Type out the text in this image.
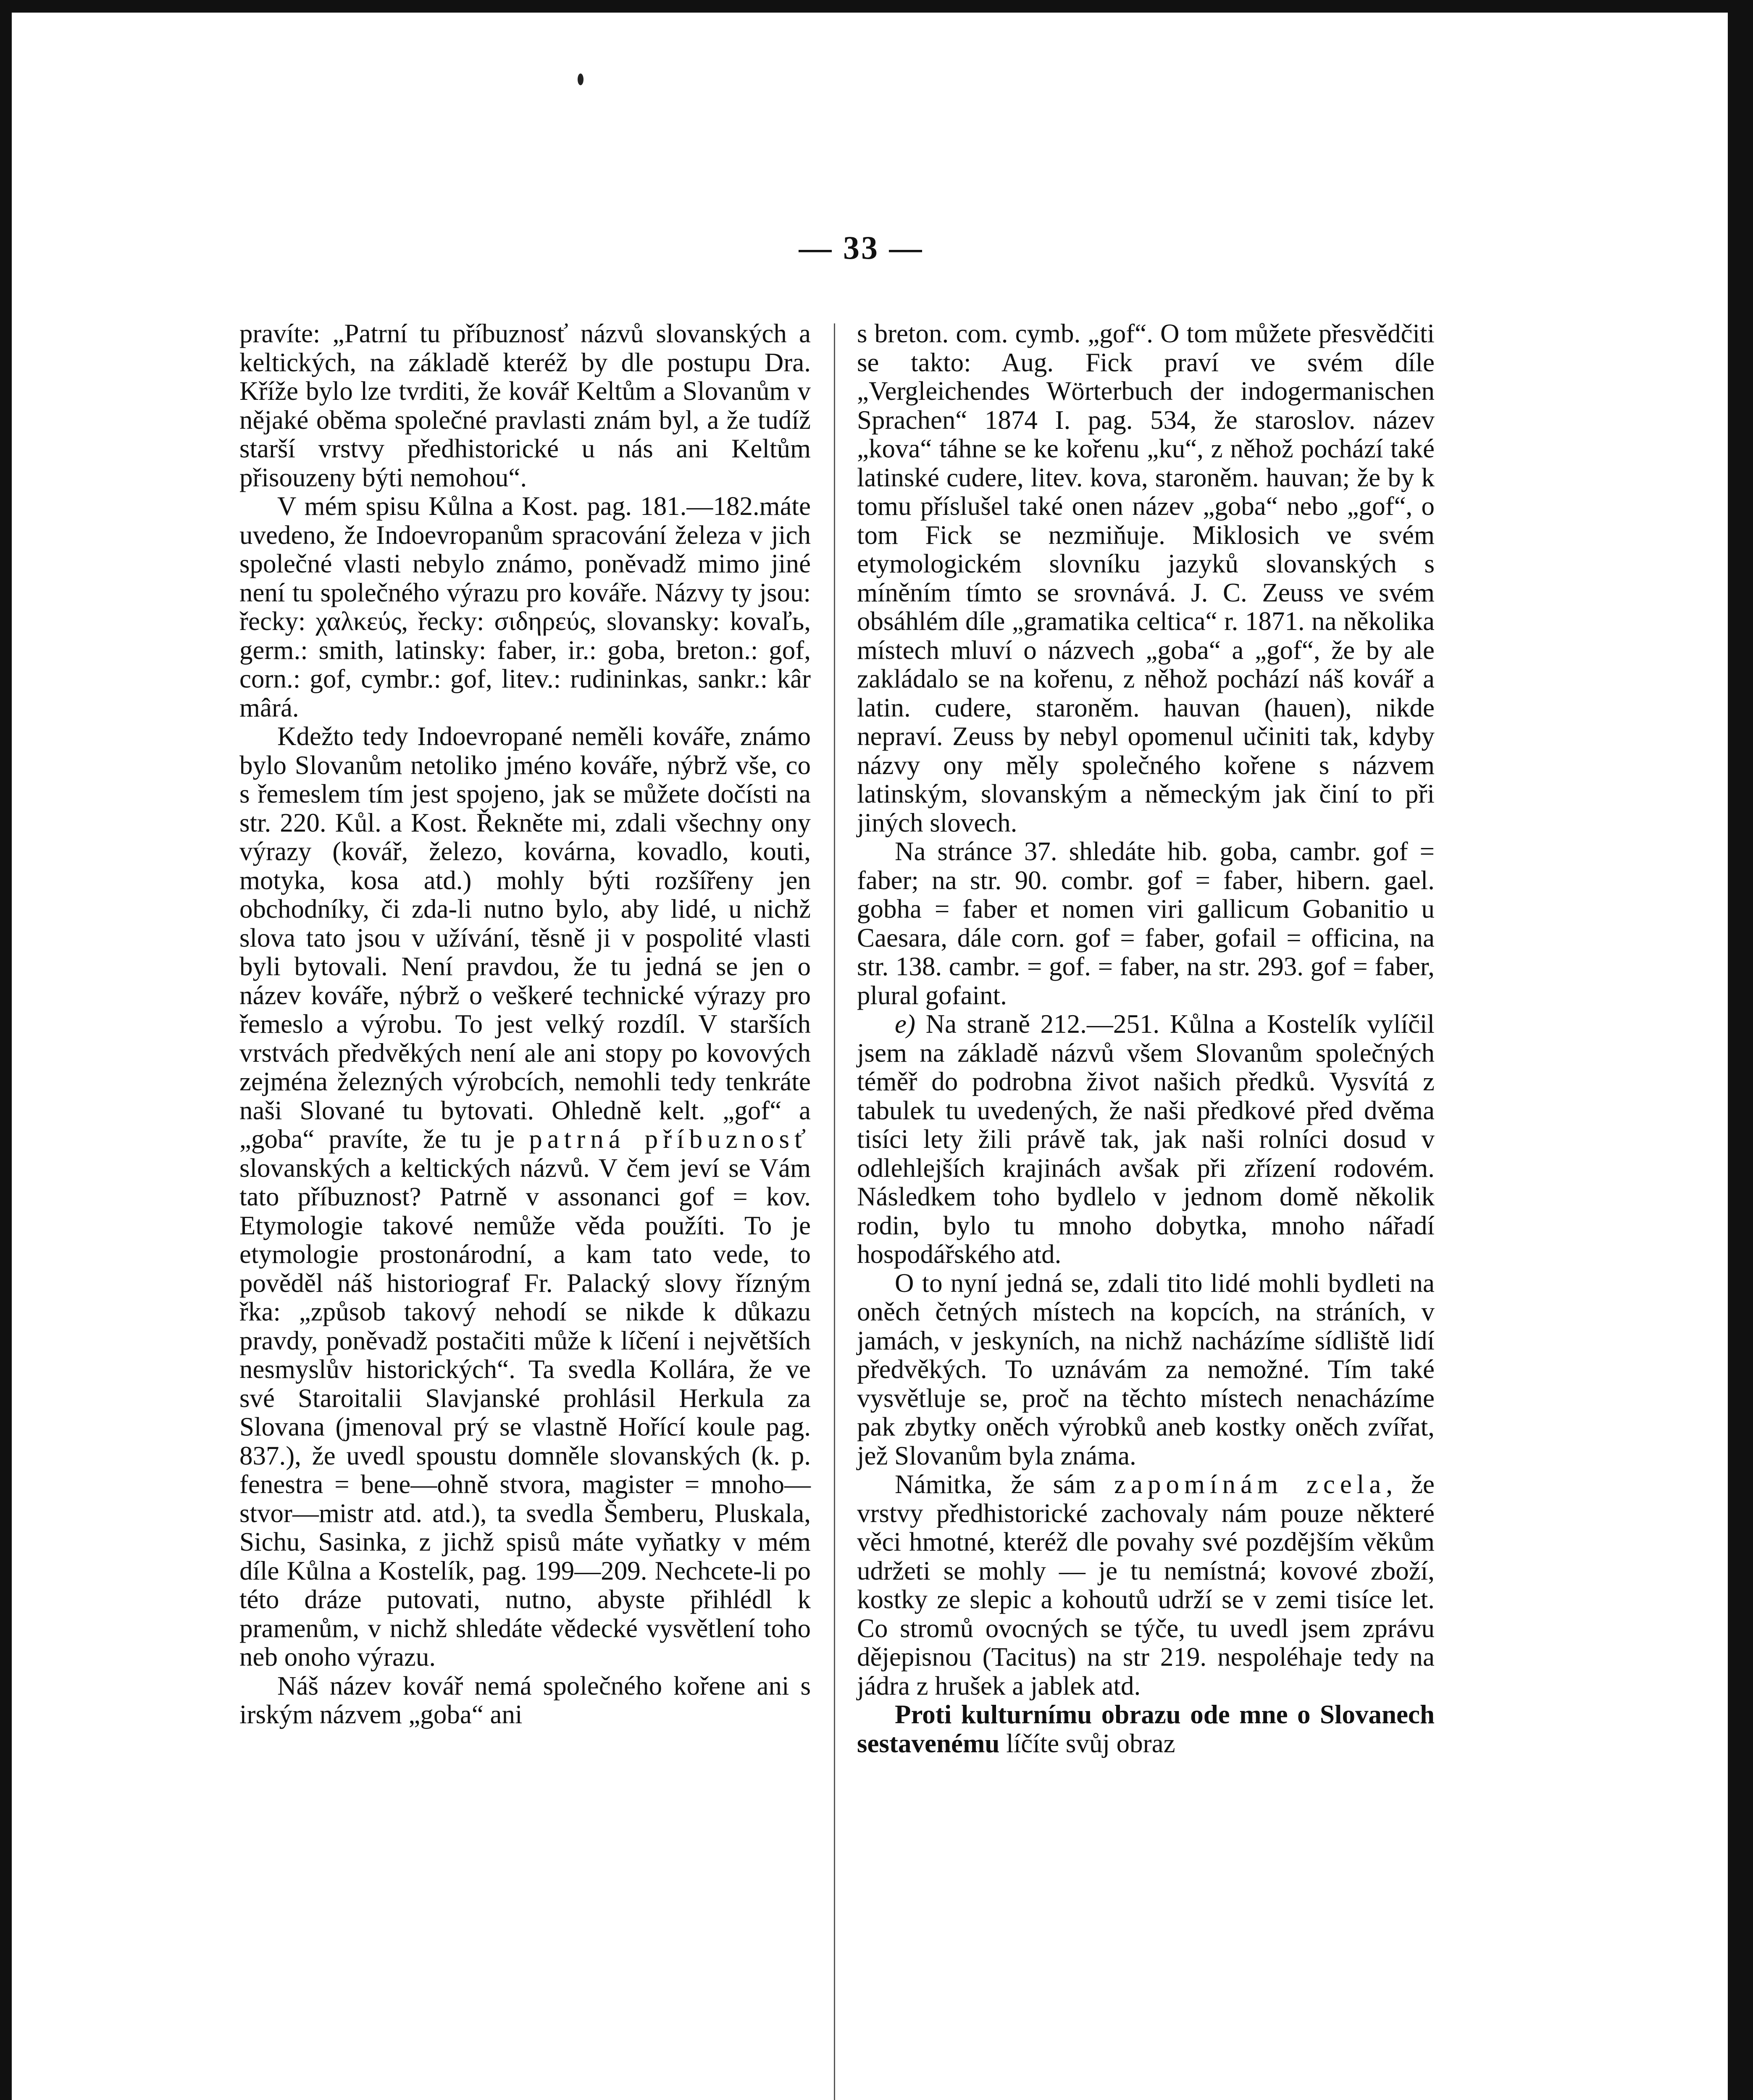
— 33 —

pravíte: „Patrní tu příbuznosť názvů slovanských a keltických, na základě kteréž by dle postupu Dra. Kříže bylo lze tvrditi, že kovář Keltům a Slovanům v nějaké oběma společné pravlasti znám byl, a že tudíž starší vrstvy předhistorické u nás ani Keltům přisouzeny býti nemohou“.

V mém spisu Kůlna a Kost. pag. 181.—182.máte uvedeno, že Indoevropanům spracování železa v jich společné vlasti nebylo známo, poněvadž mimo jiné není tu společného výrazu pro kováře. Názvy ty jsou: řecky: χαλκεύς, řecky: σιδηρεύς, slovansky: kovaľь, germ.: smith, latinsky: faber, ir.: goba, breton.: gof, corn.: gof, cymbr.: gof, litev.: rudininkas, sankr.: kâr mârá.

Kdežto tedy Indoevropané neměli kováře, známo bylo Slovanům netoliko jméno kováře, nýbrž vše, co s řemeslem tím jest spojeno, jak se můžete dočísti na str. 220. Kůl. a Kost. Řekněte mi, zdali všechny ony výrazy (kovář, železo, kovárna, kovadlo, kouti, motyka, kosa atd.) mohly býti rozšířeny jen obchodníky, či zda-li nutno bylo, aby lidé, u nichž slova tato jsou v užívání, těsně ji v pospolité vlasti byli bytovali. Není pravdou, že tu jedná se jen o název kováře, nýbrž o veškeré technické výrazy pro řemeslo a výrobu. To jest velký rozdíl. V starších vrstvách předvěkých není ale ani stopy po kovových zejména železných výrobcích, nemohli tedy tenkráte naši Slované tu bytovati. Ohledně kelt. „gof“ a „goba“ pravíte, že tu je patrná příbuznosť slovanských a keltických názvů. V čem jeví se Vám tato příbuznost? Patrně v assonanci gof = kov. Etymologie takové nemůže věda použíti. To je etymologie prostonárodní, a kam tato vede, to pověděl náš historiograf Fr. Palacký slovy řízným řka: „způsob takový nehodí se nikde k důkazu pravdy, poněvadž postačiti může k líčení i největších nesmyslův historických“. Ta svedla Kollára, že ve své Staroitalii Slavjanské prohlásil Herkula za Slovana (jmenoval prý se vlastně Hořící koule pag. 837.), že uvedl spoustu domněle slovanských (k. p. fenestra = bene—ohně stvora, magister = mnoho—stvor—mistr atd. atd.), ta svedla Šemberu, Pluskala, Sichu, Sasinka, z jichž spisů máte vyňatky v mém díle Kůlna a Kostelík, pag. 199—209. Nechcete-li po této dráze putovati, nutno, abyste přihlédl k pramenům, v nichž shledáte vědecké vysvětlení toho neb onoho výrazu.

Náš název kovář nemá společného kořene ani s irským názvem „goba“ ani

s breton. com. cymb. „gof“. O tom můžete přesvědčiti se takto: Aug. Fick praví ve svém díle „Vergleichendes Wörterbuch der indogermanischen Sprachen“ 1874 I. pag. 534, že staroslov. název „kova“ táhne se ke kořenu „ku“, z něhož pochází také latinské cudere, litev. kova, staroněm. hauvan; že by k tomu příslušel také onen název „goba“ nebo „gof“, o tom Fick se nezmiňuje. Miklosich ve svém etymologickém slovníku jazyků slovanských s míněním tímto se srovnává. J. C. Zeuss ve svém obsáhlém díle „gramatika celtica“ r. 1871. na několika místech mluví o názvech „goba“ a „gof“, že by ale zakládalo se na kořenu, z něhož pochází náš kovář a latin. cudere, staroněm. hauvan (hauen), nikde nepraví. Zeuss by nebyl opomenul učiniti tak, kdyby názvy ony měly společného kořene s názvem latinským, slovanským a německým jak činí to při jiných slovech.

Na stránce 37. shledáte hib. goba, cambr. gof = faber; na str. 90. combr. gof = faber, hibern. gael. gobha = faber et nomen viri gallicum Gobanitio u Caesara, dále corn. gof = faber, gofail = officina, na str. 138. cambr. = gof. = faber, na str. 293. gof = faber, plural gofaint.

e) Na straně 212.—251. Kůlna a Kostelík vylíčil jsem na základě názvů všem Slovanům společných téměř do podrobna život našich předků. Vysvítá z tabulek tu uvedených, že naši předkové před dvěma tisíci lety žili právě tak, jak naši rolníci dosud v odlehlejších krajinách avšak při zřízení rodovém. Následkem toho bydlelo v jednom domě několik rodin, bylo tu mnoho dobytka, mnoho nářadí hospodářského atd.

O to nyní jedná se, zdali tito lidé mohli bydleti na oněch četných místech na kopcích, na stráních, v jamách, v jeskyních, na nichž nacházíme sídliště lidí předvěkých. To uznávám za nemožné. Tím také vysvětluje se, proč na těchto místech nenacházíme pak zbytky oněch výrobků aneb kostky oněch zvířat, jež Slovanům byla známa.

Námitka, že sám zapomínám zcela, že vrstvy předhistorické zachovaly nám pouze některé věci hmotné, kteréž dle povahy své pozdějším věkům udržeti se mohly — je tu nemístná; kovové zboží, kostky ze slepic a kohoutů udrží se v zemi tisíce let. Co stromů ovocných se týče, tu uvedl jsem zprávu dějepisnou (Tacitus) na str 219. nespoléhaje tedy na jádra z hrušek a jablek atd.

Proti kulturnímu obrazu ode mne o Slovanech sestavenému líčíte svůj obraz
